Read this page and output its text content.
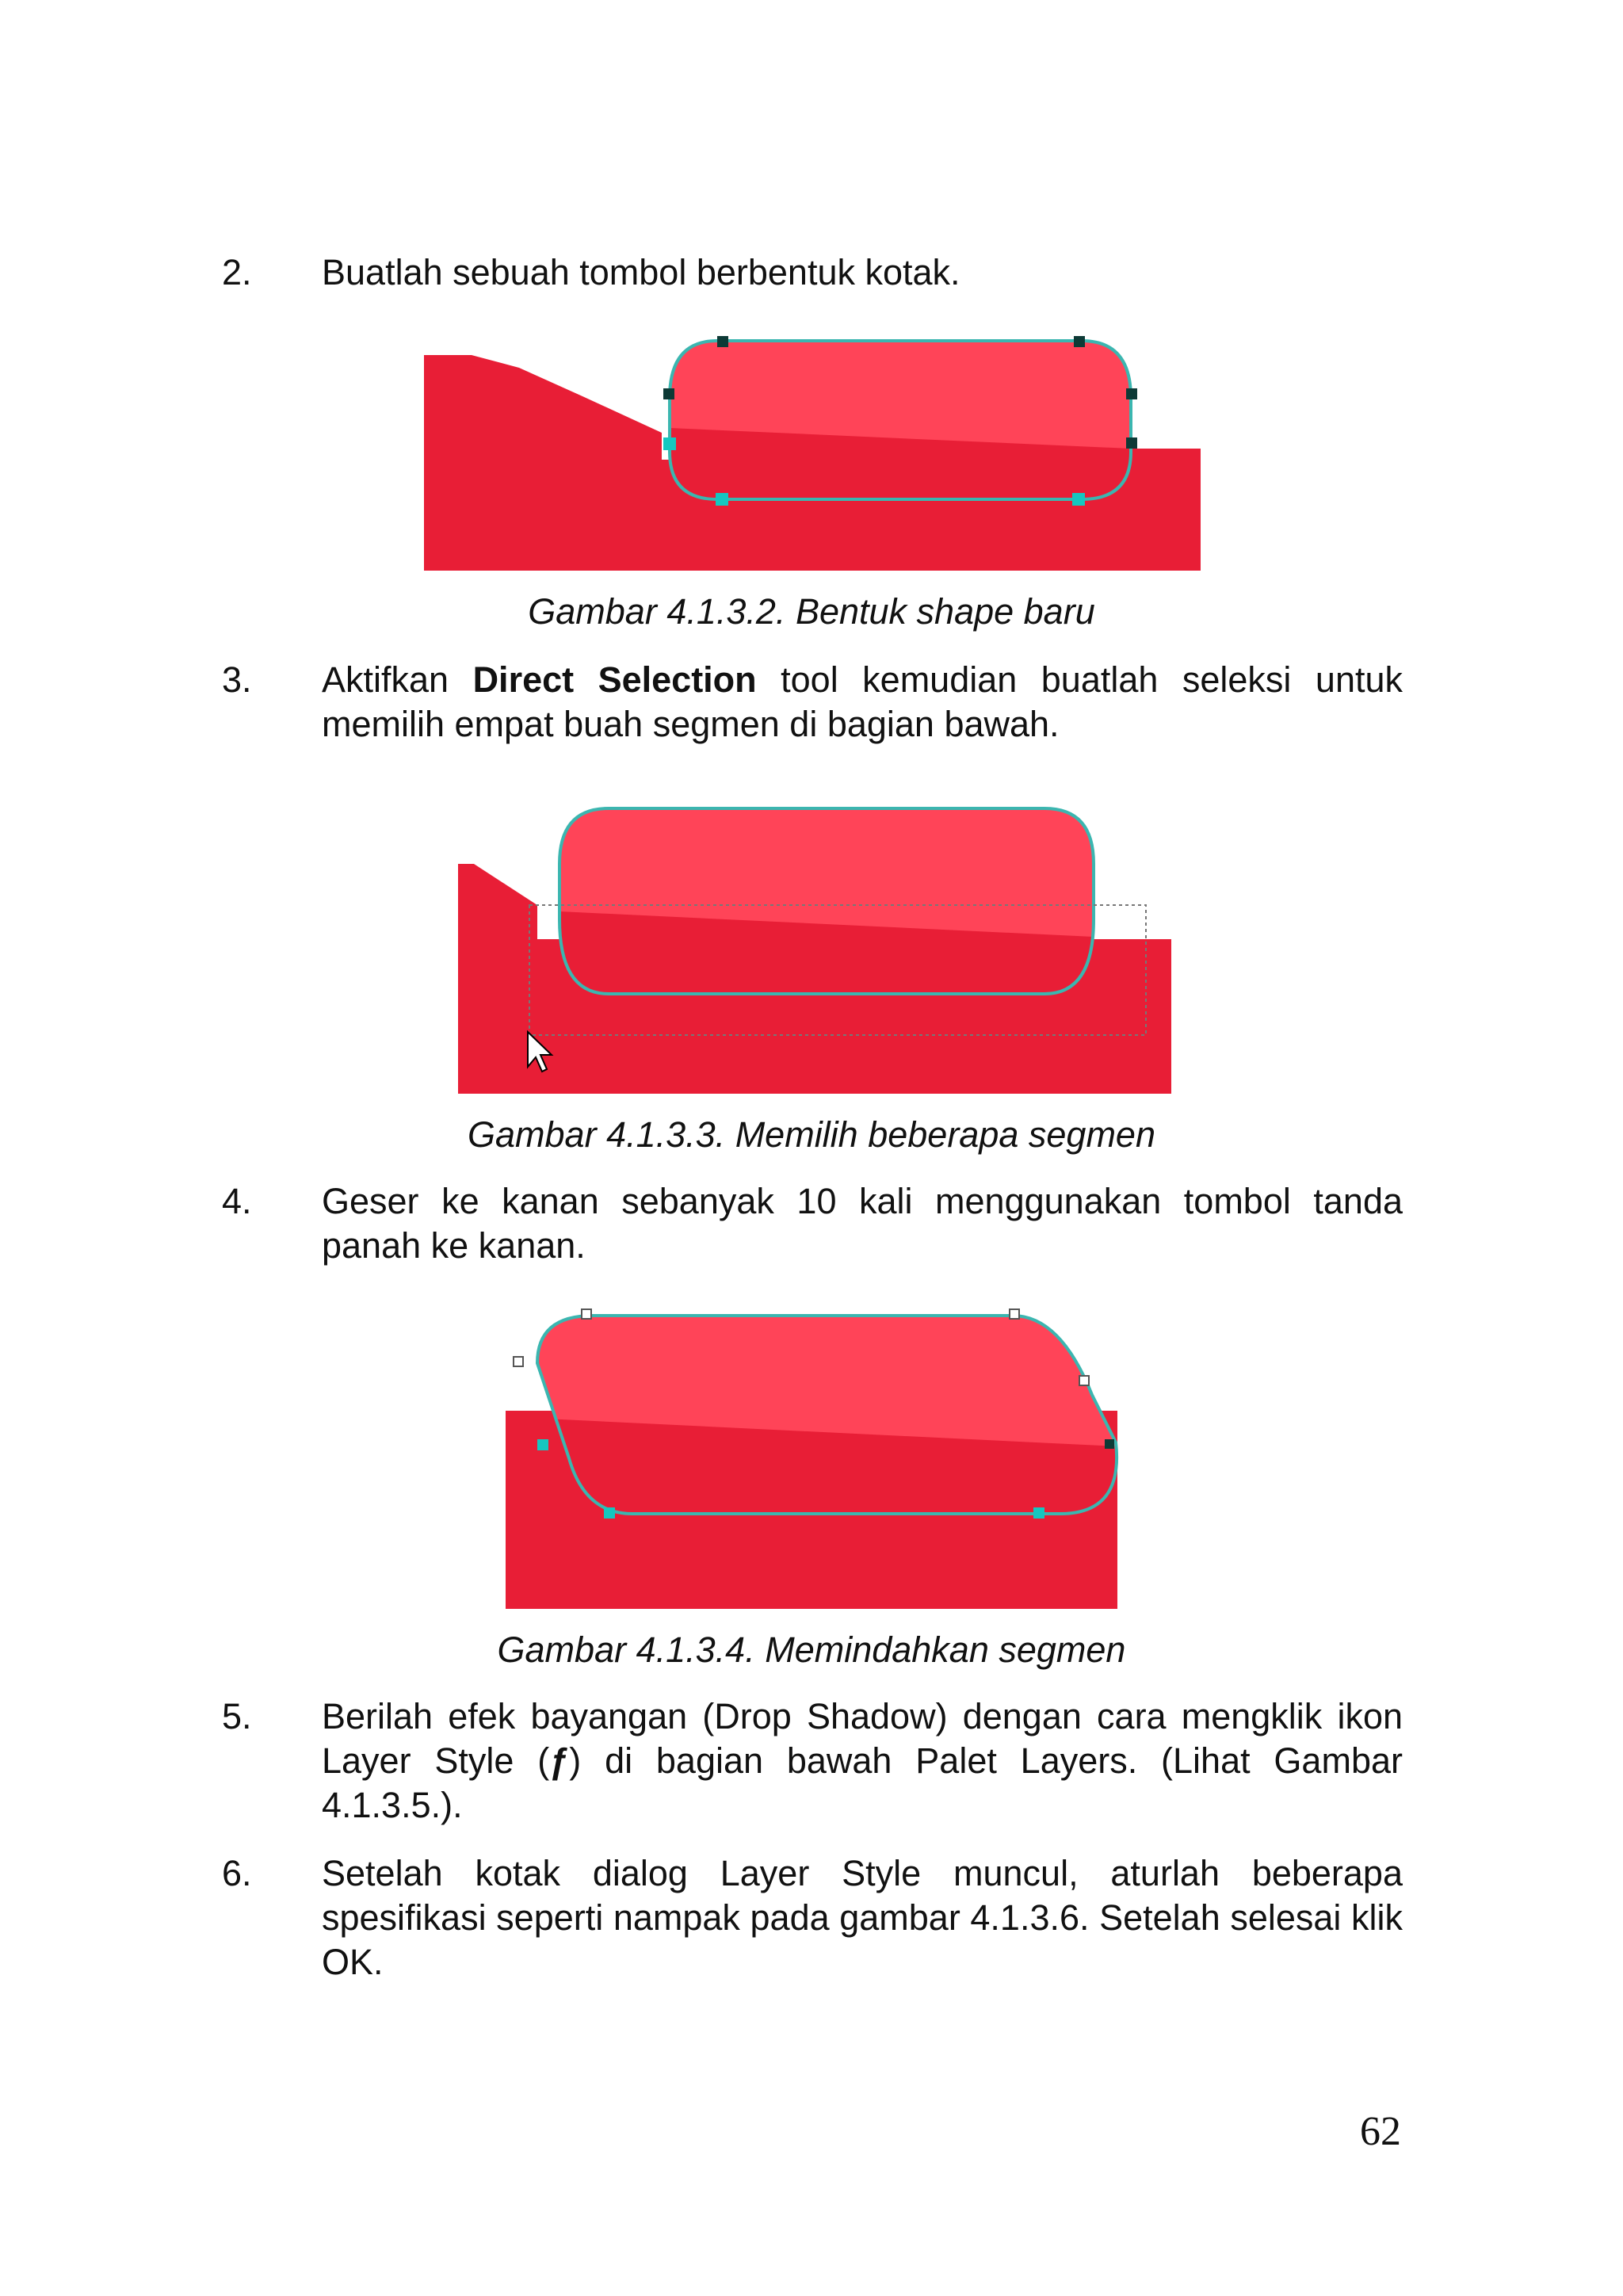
2. Buatlah sebuah tombol berbentuk kotak.
Gambar 4.1.3.2. Bentuk shape baru
3. Aktifkan Direct Selection tool kemudian buatlah seleksi untuk memilih empat buah segmen di bagian bawah.
Gambar 4.1.3.3. Memilih beberapa segmen
4. Geser ke kanan sebanyak 10 kali menggunakan tombol tanda panah ke kanan.
Gambar 4.1.3.4. Memindahkan segmen
5. Berilah efek bayangan (Drop Shadow) dengan cara mengklik ikon Layer Style (ƒ) di bagian bawah Palet Layers. (Lihat Gambar 4.1.3.5.).
6. Setelah kotak dialog Layer Style muncul, aturlah beberapa spesifikasi seperti nampak pada gambar 4.1.3.6. Setelah selesai klik OK.
62
